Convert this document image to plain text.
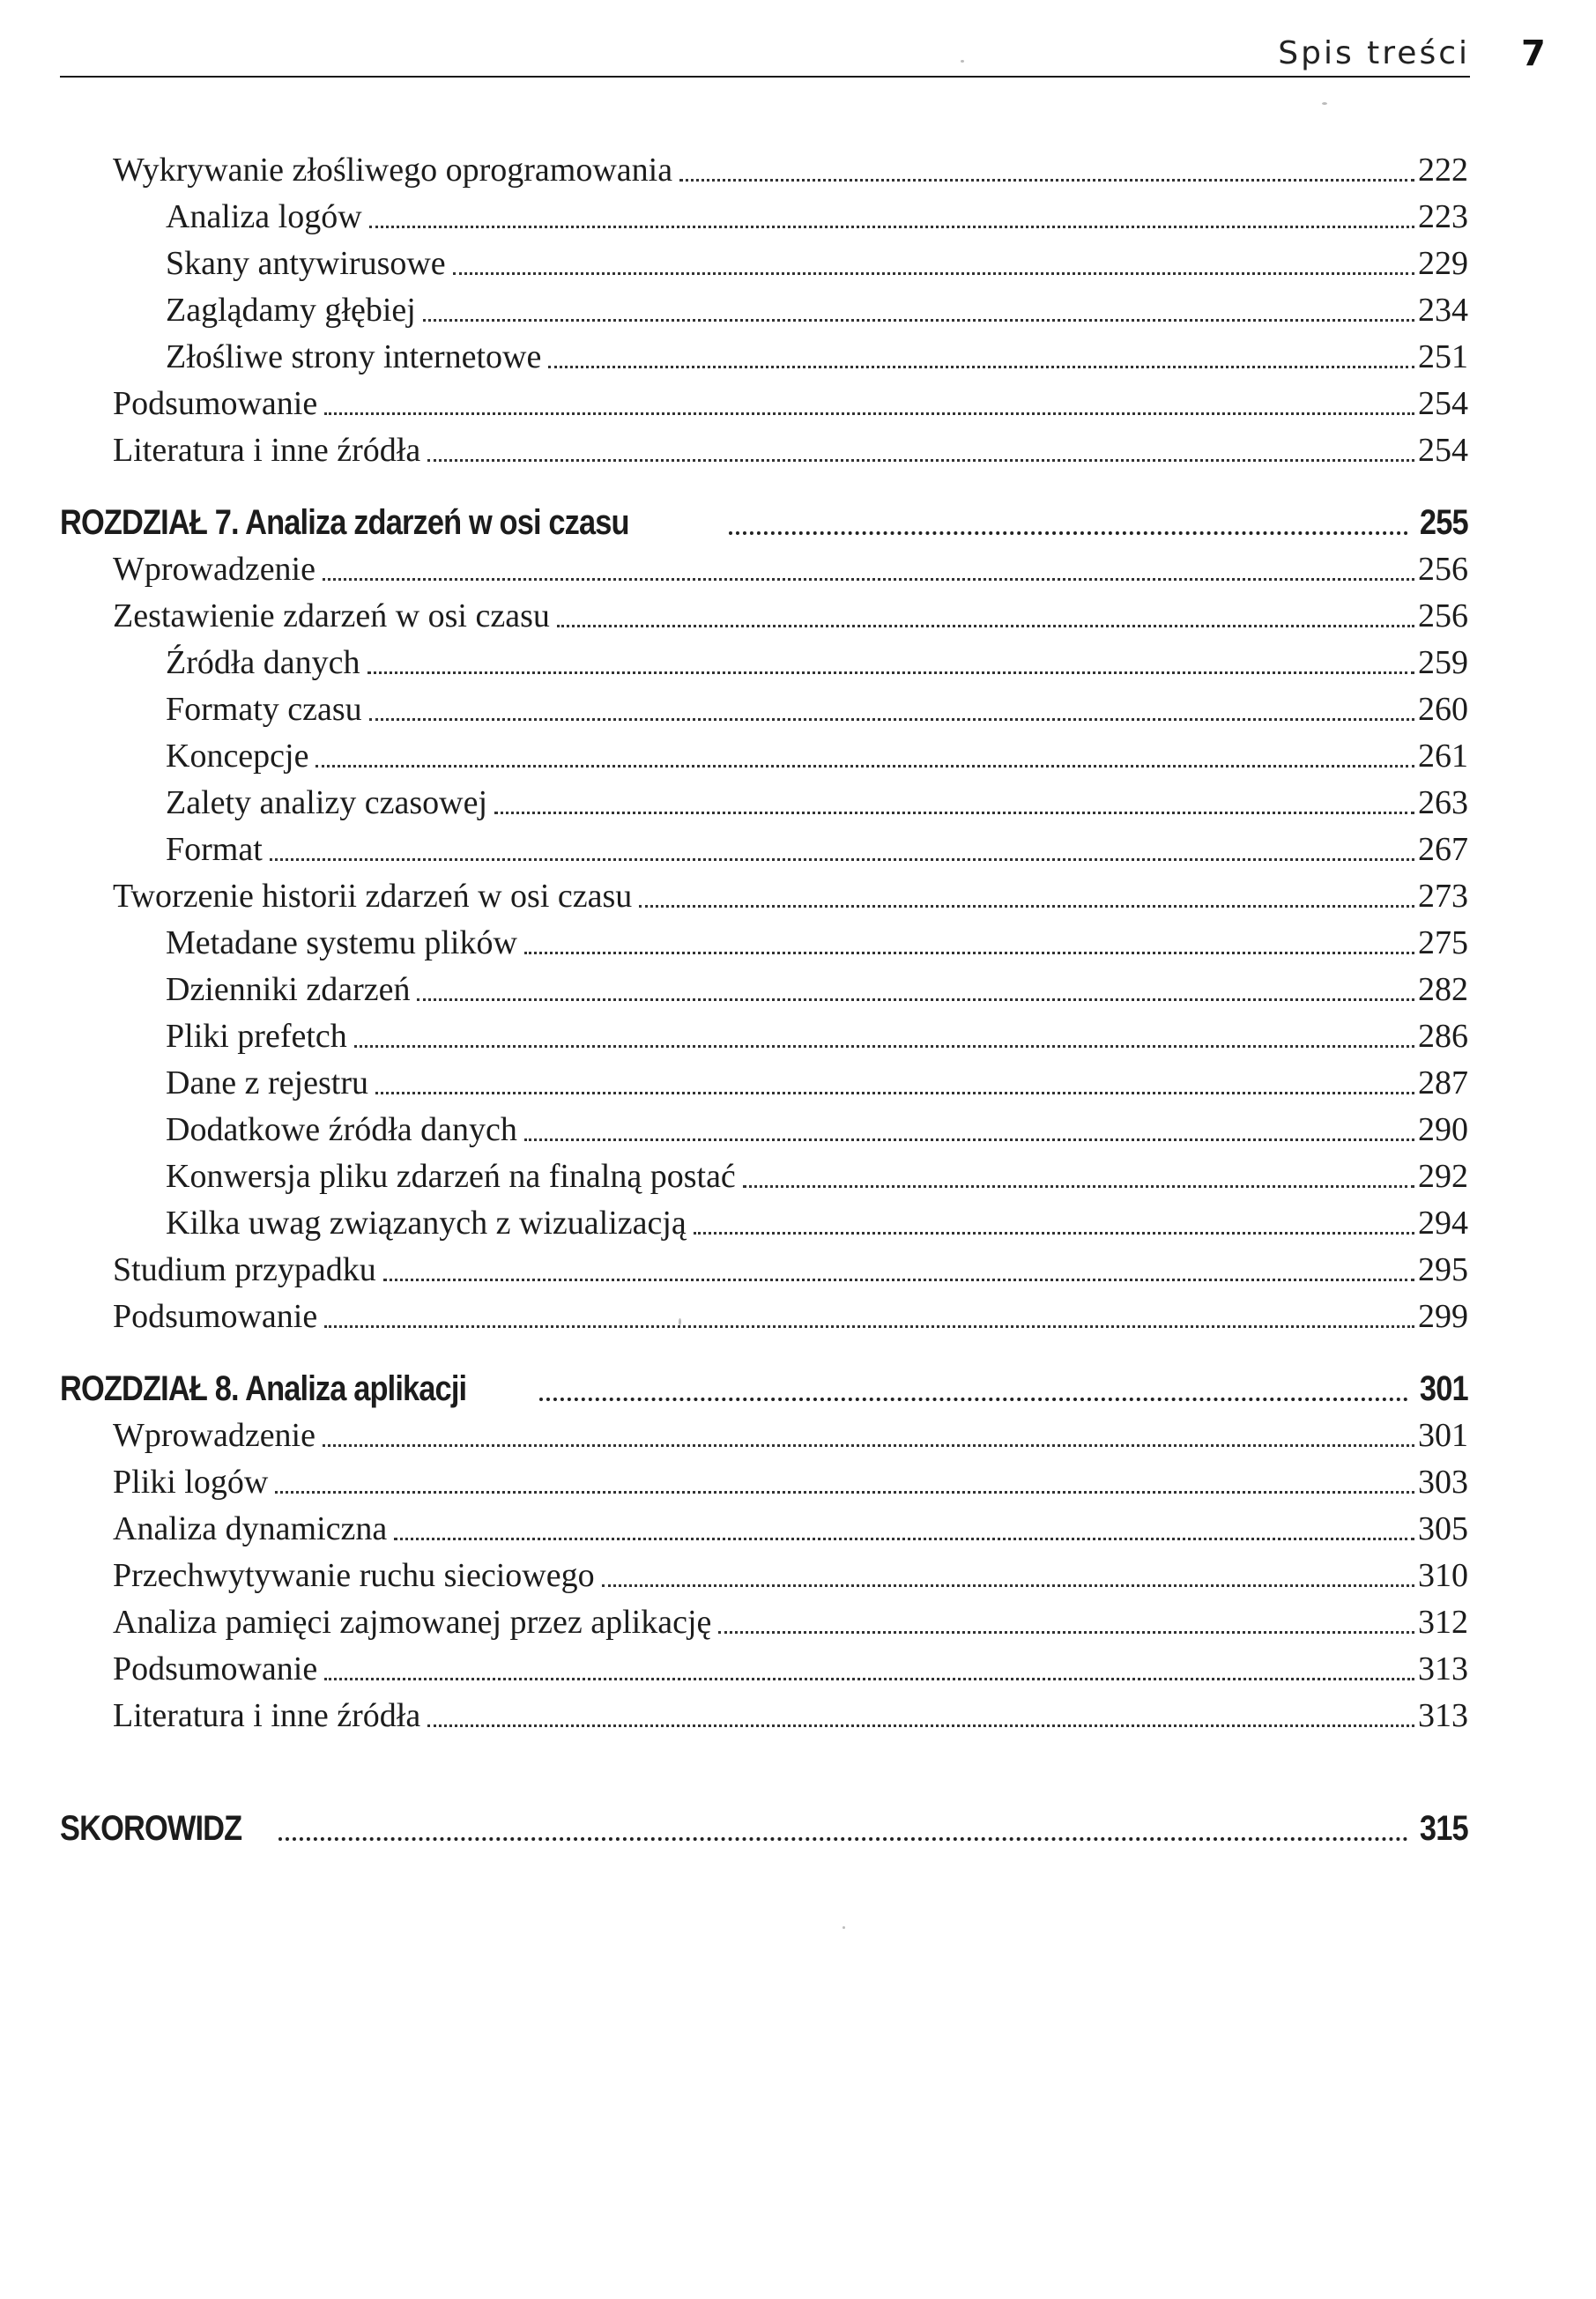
Spis treści 7
Wykrywanie złośliwego oprogramowania	222
Analiza logów	223
Skany antywirusowe	229
Zaglądamy głębiej	234
Złośliwe strony internetowe	251
Podsumowanie	254
Literatura i inne źródła	254
ROZDZIAŁ 7. Analiza zdarzeń w osi czasu	255
Wprowadzenie	256
Zestawienie zdarzeń w osi czasu	256
Źródła danych	259
Formaty czasu	260
Koncepcje	261
Zalety analizy czasowej	263
Format	267
Tworzenie historii zdarzeń w osi czasu	273
Metadane systemu plików	275
Dzienniki zdarzeń	282
Pliki prefetch	286
Dane z rejestru	287
Dodatkowe źródła danych	290
Konwersja pliku zdarzeń na finalną postać	292
Kilka uwag związanych z wizualizacją	294
Studium przypadku	295
Podsumowanie	299
ROZDZIAŁ 8. Analiza aplikacji	301
Wprowadzenie	301
Pliki logów	303
Analiza dynamiczna	305
Przechwytywanie ruchu sieciowego	310
Analiza pamięci zajmowanej przez aplikację	312
Podsumowanie	313
Literatura i inne źródła	313
SKOROWIDZ	315
